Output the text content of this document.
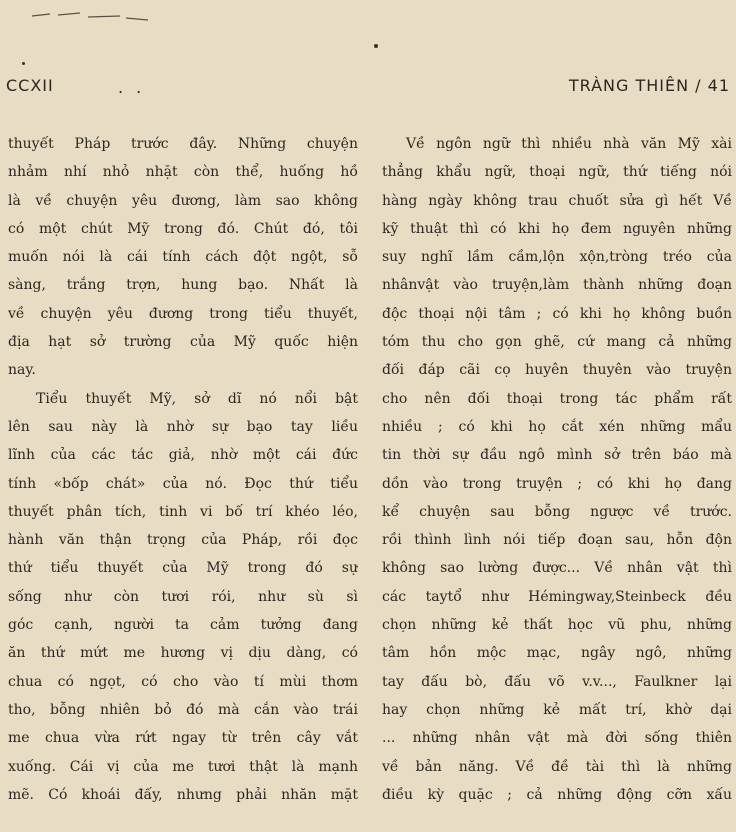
CCXII	. .	TRÀNG THIÊN / 41
thuyết Pháp trước đây. Những chuyện
nhảm nhí nhỏ nhặt còn thể, huống hồ
là về chuyện yêu đương, làm sao không
có một chút Mỹ trong đó. Chút đó, tôi
muốn nói là cái tính cách đột ngột, sỗ
sàng, trắng trợn, hung bạo. Nhất là
về chuyện yêu đương trong tiểu thuyết,
địa hạt sở trường của Mỹ quốc hiện
nay.
Tiểu thuyết Mỹ, sở dĩ nó nổi bật
lên sau này là nhờ sự bạo tay liều
lĩnh của các tác giả, nhờ một cái đức
tính «bốp chát» của nó. Đọc thứ tiểu
thuyết phân tích, tinh vi bố trí khéo léo,
hành văn thận trọng của Pháp, rồi đọc
thứ tiểu thuyết của Mỹ trong đó sự
sống như còn tươi rói, như sù sì
góc cạnh, người ta cảm tưởng đang
ăn thứ mứt me hương vị dịu dàng, có
chua có ngọt, có cho vào tí mùi thơm
tho, bỗng nhiên bỏ đó mà cắn vào trái
me chua vừa rứt ngay từ trên cây vắt
xuống. Cái vị của me tươi thật là mạnh
mẽ. Có khoái đấy, nhưng phải nhăn mặt
Về ngôn ngữ thì nhiều nhà văn Mỹ xài
thẳng khẩu ngữ, thoại ngữ, thứ tiếng nói
hàng ngày không trau chuốt sửa gì hết Về
kỹ thuật thì có khi họ đem nguyên những
suy nghĩ lầm cầm,lộn xộn,tròng tréo của
nhânvật vào truyện,làm thành những đoạn
độc thoại nội tâm ; có khi họ không buồn
tóm thu cho gọn ghẽ, cứ mang cả những
đối đáp cãi cọ huyên thuyên vào truyện
cho nên đối thoại trong tác phẩm rất
nhiều ; có khi họ cắt xén những mẩu
tin thời sự đầu ngô mình sở trên báo mà
dồn vào trong truyện ; có khi họ đang
kể chuyện sau bỗng ngược về trước.
rồi thình lình nói tiếp đoạn sau, hỗn độn
không sao lường được... Về nhân vật thì
các taytổ như Hémingway,Steinbeck đều
chọn những kẻ thất học vũ phu, những
tâm hồn mộc mạc, ngây ngô, những
tay đấu bò, đấu võ v.v..., Faulkner lại
hay chọn những kẻ mất trí, khờ dại
... những nhân vật mà đời sống thiên
về bản năng. Về đề tài thì là những
điều kỳ quặc ; cả những động cỡn xấu
